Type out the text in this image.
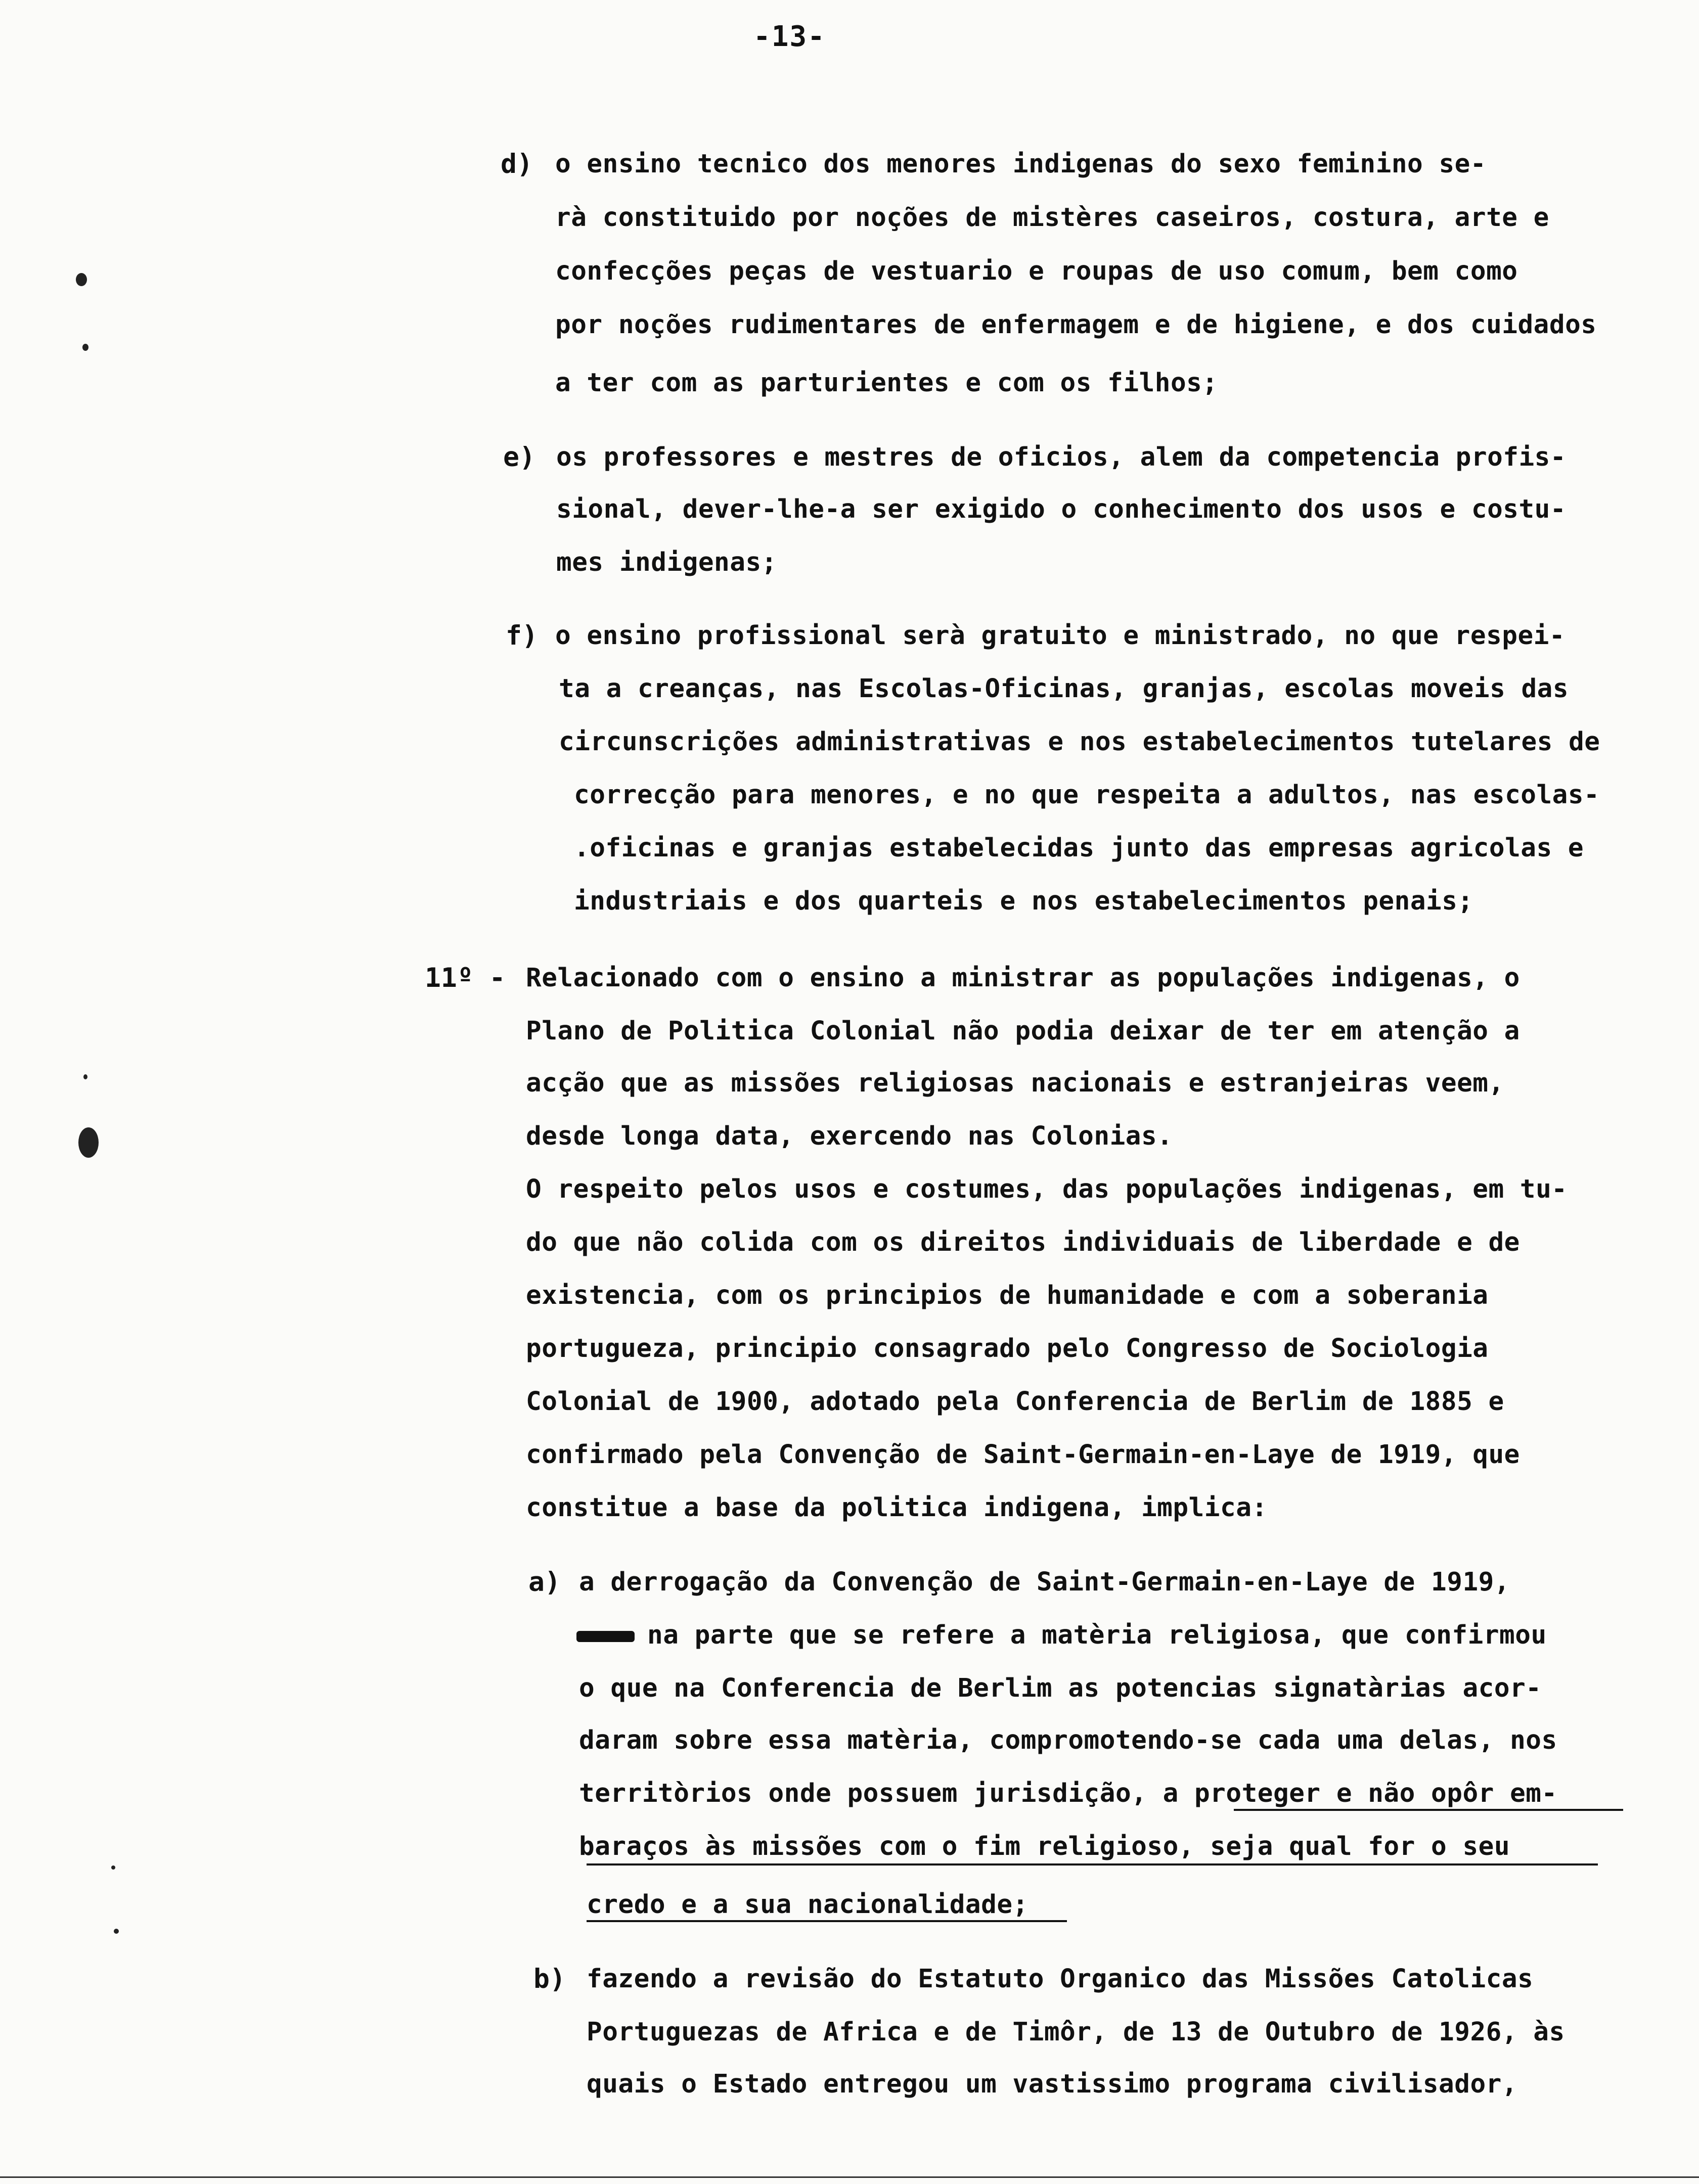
-13-
d) o ensino tecnico dos menores indigenas do sexo feminino se-
rà constituido por noções de mistères caseiros, costura, arte e
confecções peças de vestuario e roupas de uso comum, bem como
por noções rudimentares de enfermagem e de higiene, e dos cuidados
a ter com as parturientes e com os filhos;
e) os professores e mestres de oficios, alem da competencia profis-
sional, dever-lhe-a ser exigido o conhecimento dos usos e costu-
mes indigenas;
f) o ensino profissional serà gratuito e ministrado, no que respei-
ta a creanças, nas Escolas-Oficinas, granjas, escolas moveis das
circunscrições administrativas e nos estabelecimentos tutelares de
correcção para menores, e no que respeita a adultos, nas escolas-
.oficinas e granjas estabelecidas junto das empresas agricolas e
industriais e dos quarteis e nos estabelecimentos penais;
11º - Relacionado com o ensino a ministrar as populações indigenas, o
Plano de Politica Colonial não podia deixar de ter em atenção a
acção que as missões religiosas nacionais e estranjeiras veem,
desde longa data, exercendo nas Colonias.
O respeito pelos usos e costumes, das populações indigenas, em tu-
do que não colida com os direitos individuais de liberdade e de
existencia, com os principios de humanidade e com a soberania
portugueza, principio consagrado pelo Congresso de Sociologia
Colonial de 1900, adotado pela Conferencia de Berlim de 1885 e
confirmado pela Convenção de Saint-Germain-en-Laye de 1919, que
constitue a base da politica indigena, implica:
a) a derrogação da Convenção de Saint-Germain-en-Laye de 1919,
na parte que se refere a matèria religiosa, que confirmou
o que na Conferencia de Berlim as potencias signatàrias acor-
daram sobre essa matèria, compromotendo-se cada uma delas, nos
territòrios onde possuem jurisdição, a proteger e não opôr em-
baraços às missões com o fim religioso, seja qual for o seu
credo e a sua nacionalidade;
b) fazendo a revisão do Estatuto Organico das Missões Catolicas
Portuguezas de Africa e de Timôr, de 13 de Outubro de 1926, às
quais o Estado entregou um vastissimo programa civilisador,
